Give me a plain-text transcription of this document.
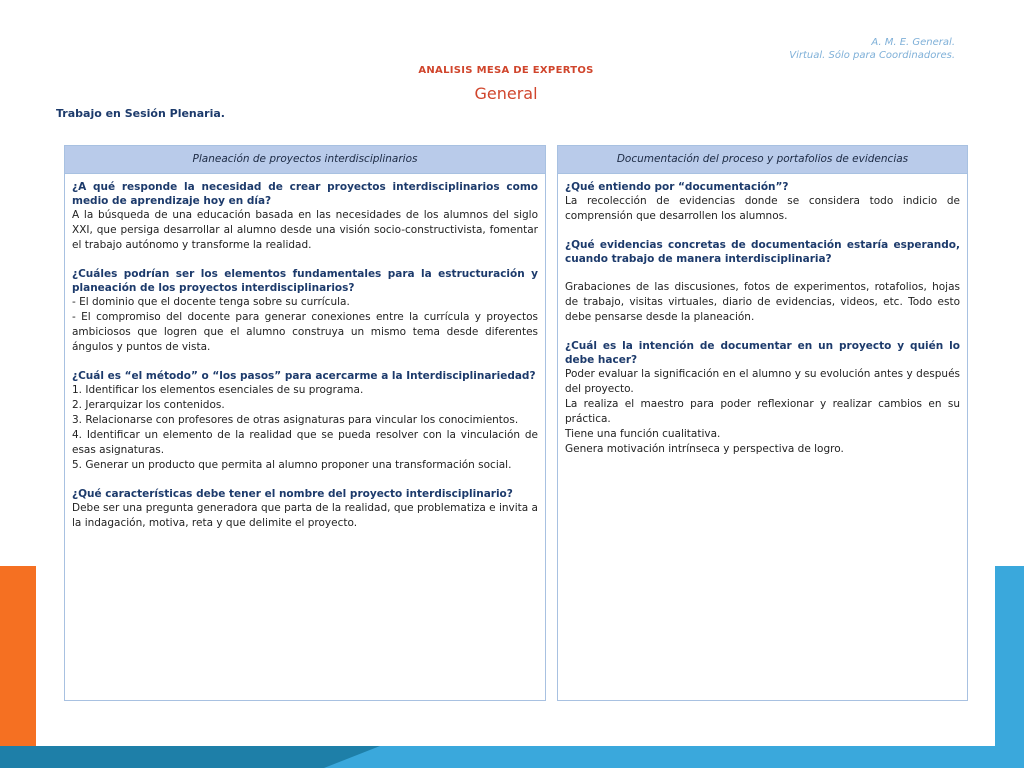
A. M. E. General.
Virtual. Sólo para Coordinadores.
ANALISIS MESA DE EXPERTOS
General
Trabajo en Sesión Plenaria.
Planeación de proyectos interdisciplinarios

¿A qué responde la necesidad de crear proyectos interdisciplinarios como medio de aprendizaje hoy en día?

A la búsqueda de una educación basada en las necesidades de los alumnos del siglo XXI, que persiga desarrollar al alumno desde una visión socio-constructivista, fomentar el trabajo autónomo y transforme la realidad.

¿Cuáles podrían ser los elementos fundamentales para la estructuración y planeación de los proyectos interdisciplinarios?

- El dominio que el docente tenga sobre su currícula.

- El compromiso del docente para generar conexiones entre la currícula y proyectos ambiciosos que logren que el alumno construya un mismo tema desde diferentes ángulos y puntos de vista.

¿Cuál es “el método” o “los pasos” para acercarme a la Interdisciplinariedad?

1. Identificar los elementos esenciales de su programa.

2. Jerarquizar los contenidos.

3. Relacionarse con profesores de otras asignaturas para vincular los conocimientos.

4. Identificar un elemento de la realidad que se pueda resolver con la vinculación de esas asignaturas.

5. Generar un producto que permita al alumno proponer una transformación social.

¿Qué características debe tener el nombre del proyecto interdisciplinario?

Debe ser una pregunta generadora que parta de la realidad, que problematiza e invita a la indagación, motiva, reta y que delimite el proyecto.

Documentación del proceso y portafolios de evidencias

¿Qué entiendo por “documentación”?

La recolección de evidencias donde se considera todo indicio de comprensión que desarrollen los alumnos.

¿Qué evidencias concretas de documentación estaría esperando, cuando trabajo de manera interdisciplinaria?

Grabaciones de las discusiones, fotos de experimentos, rotafolios, hojas de trabajo, visitas virtuales, diario de evidencias, videos, etc. Todo esto debe pensarse desde la planeación.

¿Cuál es la intención de documentar en un proyecto y quién lo debe hacer?

Poder evaluar la significación en el alumno y su evolución antes y después del proyecto.

La realiza el maestro para poder reflexionar y realizar cambios en su práctica.

Tiene una función cualitativa.

Genera motivación intrínseca y perspectiva de logro.
